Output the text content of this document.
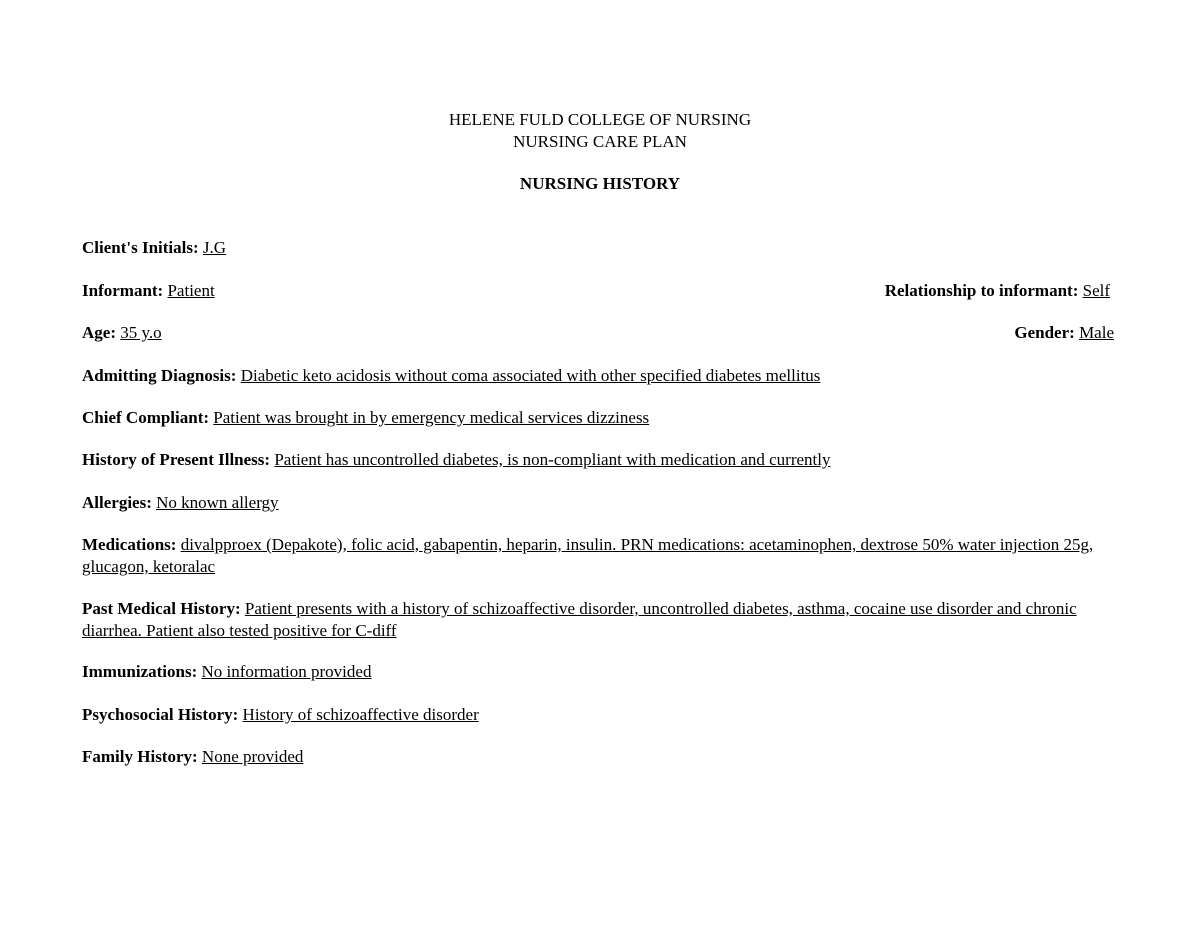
HELENE FULD COLLEGE OF NURSING
NURSING CARE PLAN
NURSING HISTORY
Client's Initials: J.G
Informant: Patient	Relationship to informant: Self
Age: 35 y.o	Gender: Male
Admitting Diagnosis: Diabetic keto acidosis without coma associated with other specified diabetes mellitus
Chief Compliant: Patient was brought in by emergency medical services dizziness
History of Present Illness: Patient has uncontrolled diabetes, is non-compliant with medication and currently
Allergies: No known allergy
Medications: divalpproex (Depakote), folic acid, gabapentin, heparin, insulin. PRN medications: acetaminophen, dextrose 50% water injection 25g, glucagon, ketoralac
Past Medical History: Patient presents with a history of schizoaffective disorder, uncontrolled diabetes, asthma, cocaine use disorder and chronic diarrhea. Patient also tested positive for C-diff
Immunizations: No information provided
Psychosocial History: History of schizoaffective disorder
Family History: None provided
